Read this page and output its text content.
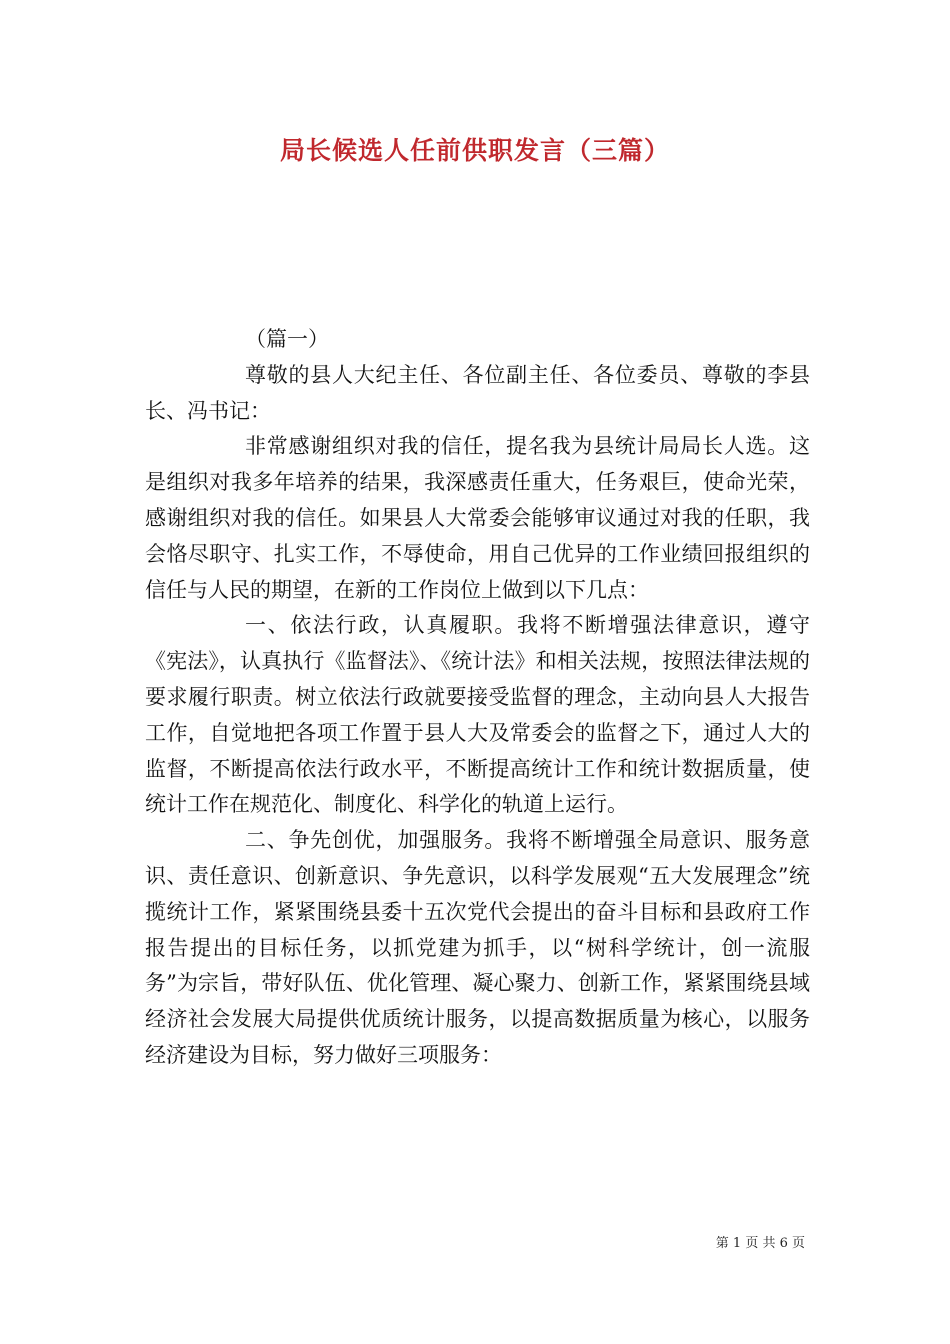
局长候选人任前供职发言（三篇）

（篇一）

尊敬的县人大纪主任、各位副主任、各位委员、尊敬的李县长、冯书记：

非常感谢组织对我的信任，提名我为县统计局局长人选。这是组织对我多年培养的结果，我深感责任重大，任务艰巨，使命光荣，感谢组织对我的信任。如果县人大常委会能够审议通过对我的任职，我会恪尽职守、扎实工作，不辱使命，用自己优异的工作业绩回报组织的信任与人民的期望，在新的工作岗位上做到以下几点：

一、依法行政，认真履职。我将不断增强法律意识，遵守《宪法》，认真执行《监督法》、《统计法》和相关法规，按照法律法规的要求履行职责。树立依法行政就要接受监督的理念，主动向县人大报告工作，自觉地把各项工作置于县人大及常委会的监督之下，通过人大的监督，不断提高依法行政水平，不断提高统计工作和统计数据质量，使统计工作在规范化、制度化、科学化的轨道上运行。

二、争先创优，加强服务。我将不断增强全局意识、服务意识、责任意识、创新意识、争先意识，以科学发展观“五大发展理念”统揽统计工作，紧紧围绕县委十五次党代会提出的奋斗目标和县政府工作报告提出的目标任务，以抓党建为抓手，以“树科学统计，创一流服务”为宗旨，带好队伍、优化管理、凝心聚力、创新工作，紧紧围绕县域经济社会发展大局提供优质统计服务，以提高数据质量为核心，以服务经济建设为目标，努力做好三项服务：

第 1 页 共 6 页
